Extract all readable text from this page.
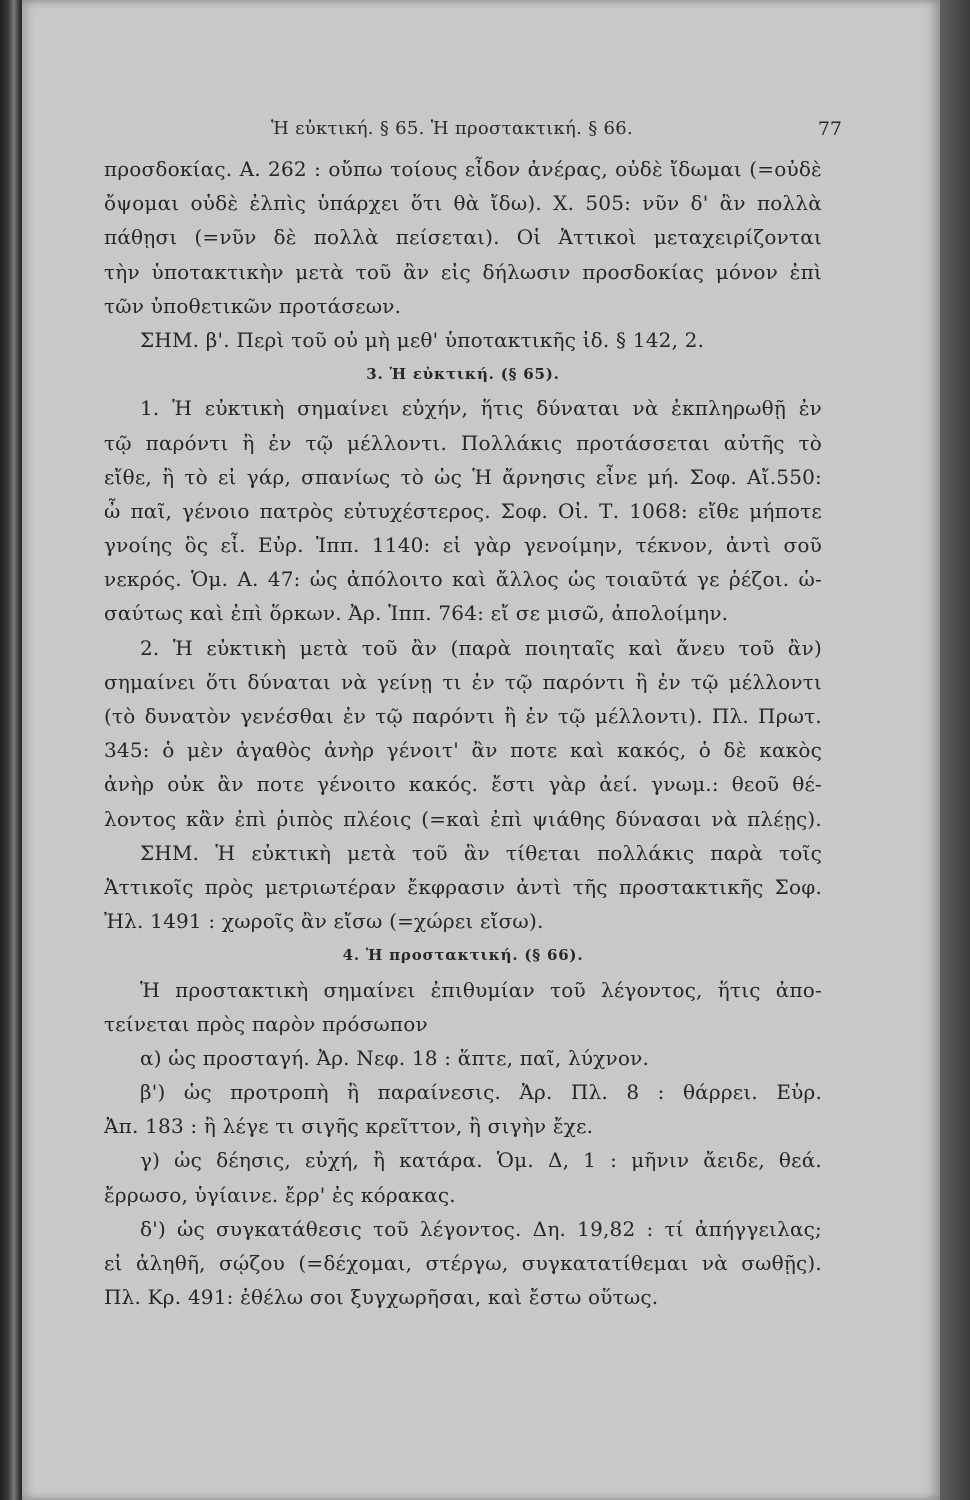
Ἡ εὐκτική. § 65. Ἡ προστακτική. § 66.	77
προσδοκίας. Α. 262 : οὔπω τοίους εἶδον ἀνέρας, οὐδὲ ἴδωμαι (=οὐδὲ
ὄψομαι οὐδὲ ἐλπὶς ὑπάρχει ὅτι θὰ ἴδω). Χ. 505: νῦν δ' ἂν πολλὰ
πάθῃσι (=νῦν δὲ πολλὰ πείσεται). Οἱ Ἀττικοὶ μεταχειρίζονται
τὴν ὑποτακτικὴν μετὰ τοῦ ἂν εἰς δήλωσιν προσδοκίας μόνον ἐπὶ
τῶν ὑποθετικῶν προτάσεων.
ΣΗΜ. β'. Περὶ τοῦ οὐ μὴ μεθ' ὑποτακτικῆς ἰδ. § 142, 2.
3. Ἡ εὐκτική. (§ 65).
1. Ἡ εὐκτικὴ σημαίνει εὐχήν, ἥτις δύναται νὰ ἐκπληρωθῇ ἐν
τῷ παρόντι ἢ ἐν τῷ μέλλοντι. Πολλάκις προτάσσεται αὐτῆς τὸ
εἴθε, ἢ τὸ εἰ γάρ, σπανίως τὸ ὡς Ἡ ἄρνησις εἶνε μή. Σοφ. Αἴ.550:
ὦ παῖ, γένοιο πατρὸς εὐτυχέστερος. Σοφ. Οἰ. Τ. 1068: εἴθε μήποτε
γνοίης ὃς εἶ. Εὐρ. Ἱππ. 1140: εἰ γὰρ γενοίμην, τέκνον, ἀντὶ σοῦ
νεκρός. Ὁμ. Α. 47: ὡς ἀπόλοιτο καὶ ἄλλος ὡς τοιαῦτά γε ῥέζοι. ὡ-
σαύτως καὶ ἐπὶ ὅρκων. Ἀρ. Ἱππ. 764: εἴ σε μισῶ, ἀπολοίμην.
2. Ἡ εὐκτικὴ μετὰ τοῦ ἂν (παρὰ ποιηταῖς καὶ ἄνευ τοῦ ἂν)
σημαίνει ὅτι δύναται νὰ γείνῃ τι ἐν τῷ παρόντι ἢ ἐν τῷ μέλλοντι
(τὸ δυνατὸν γενέσθαι ἐν τῷ παρόντι ἢ ἐν τῷ μέλλοντι). Πλ. Πρωτ.
345: ὁ μὲν ἀγαθὸς ἀνὴρ γένοιτ' ἂν ποτε καὶ κακός, ὁ δὲ κακὸς
ἀνὴρ οὐκ ἂν ποτε γένοιτο κακός. ἔστι γὰρ ἀεί. γνωμ.: θεοῦ θέ-
λοντος κἂν ἐπὶ ῥιπὸς πλέοις (=καὶ ἐπὶ ψιάθης δύνασαι νὰ πλέῃς).
ΣΗΜ. Ἡ εὐκτικὴ μετὰ τοῦ ἂν τίθεται πολλάκις παρὰ τοῖς
Ἀττικοῖς πρὸς μετριωτέραν ἔκφρασιν ἀντὶ τῆς προστακτικῆς Σοφ.
Ἠλ. 1491 : χωροῖς ἂν εἴσω (=χώρει εἴσω).
4. Ἡ προστακτική. (§ 66).
Ἡ προστακτικὴ σημαίνει ἐπιθυμίαν τοῦ λέγοντος, ἥτις ἀπο-
τείνεται πρὸς παρὸν πρόσωπον
α) ὡς προσταγή. Ἀρ. Νεφ. 18 : ἅπτε, παῖ, λύχνον.
β') ὡς προτροπὴ ἢ παραίνεσις. Ἀρ. Πλ. 8 : θάρρει. Εὐρ.
Ἀπ. 183 : ἢ λέγε τι σιγῆς κρεῖττον, ἢ σιγὴν ἔχε.
γ) ὡς δέησις, εὐχή, ἢ κατάρα. Ὁμ. Δ, 1 : μῆνιν ἄειδε, θεά.
ἔρρωσο, ὑγίαινε. ἔρρ' ἐς κόρακας.
δ') ὡς συγκατάθεσις τοῦ λέγοντος. Δη. 19,82 : τί ἀπήγγειλας;
εἰ ἀληθῆ, σῴζου (=δέχομαι, στέργω, συγκατατίθεμαι νὰ σωθῇς).
Πλ. Κρ. 491: ἐθέλω σοι ξυγχωρῆσαι, καὶ ἔστω οὕτως.
